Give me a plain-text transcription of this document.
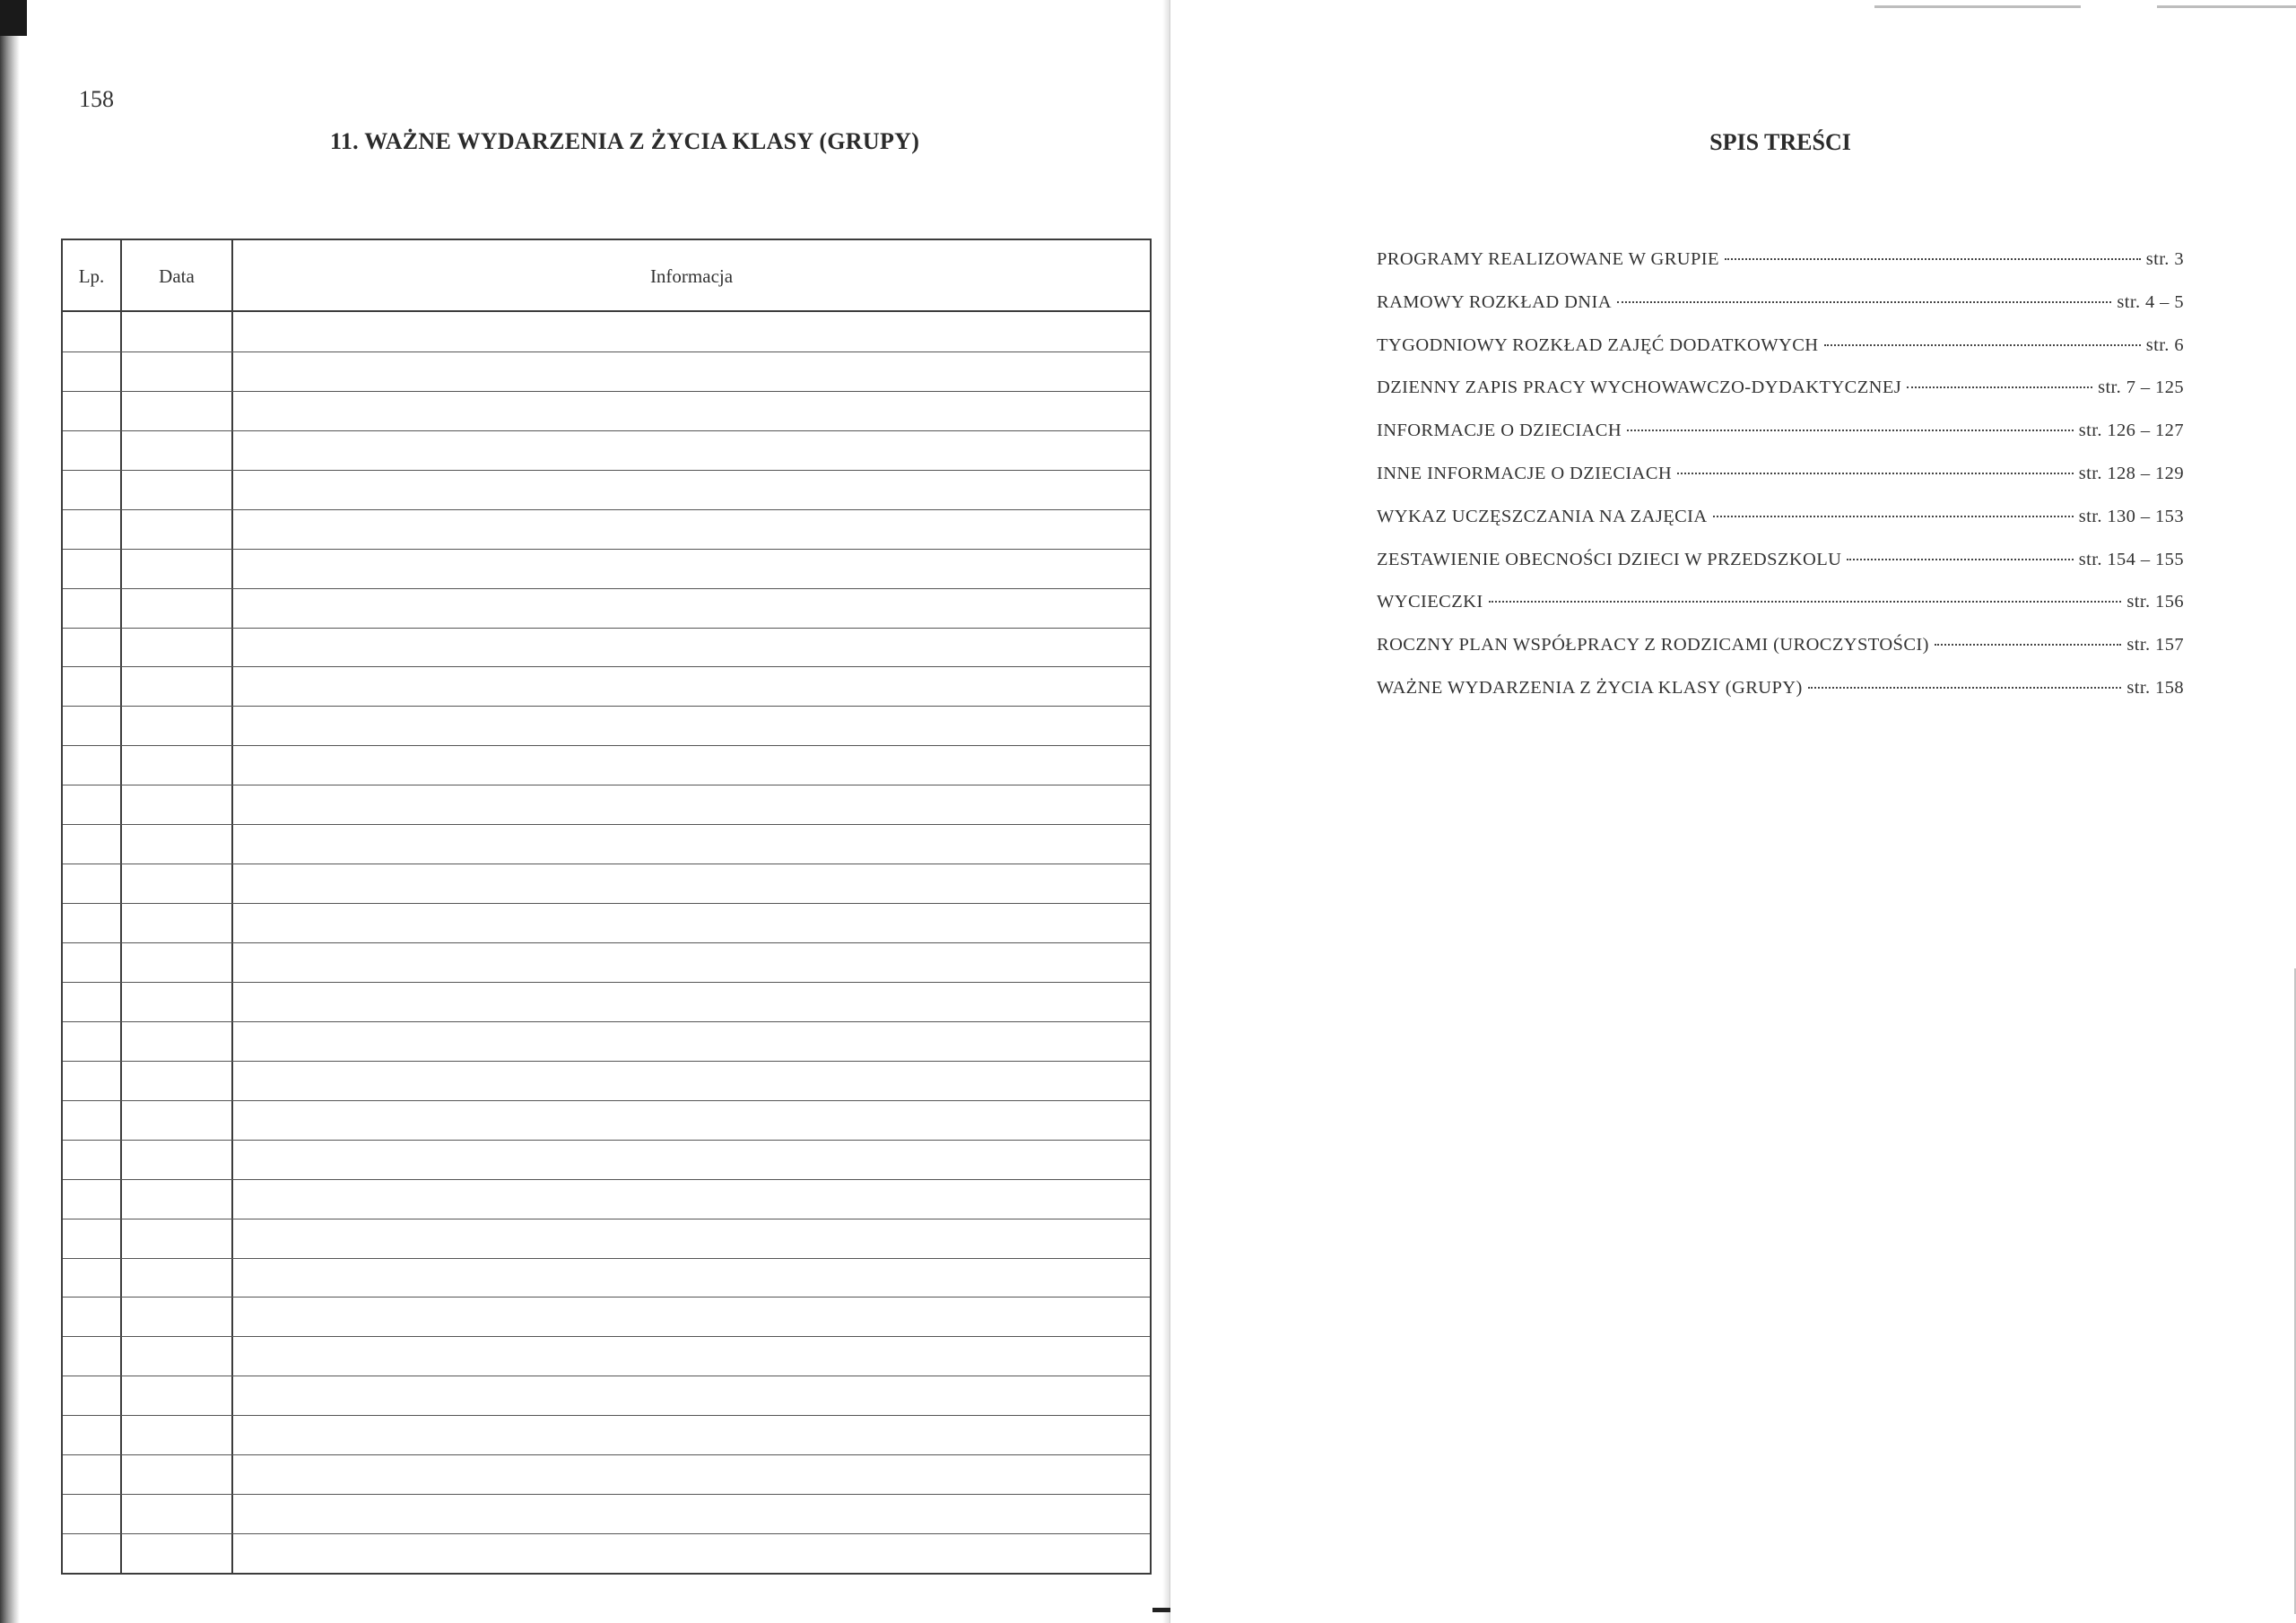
158
11. WAŻNE WYDARZENIA Z ŻYCIA KLASY (GRUPY)
Lp.	Data	Informacja
SPIS TREŚCI
PROGRAMY REALIZOWANE W GRUPIE	str. 3
RAMOWY ROZKŁAD DNIA	str. 4 – 5
TYGODNIOWY ROZKŁAD ZAJĘĆ DODATKOWYCH	str. 6
DZIENNY ZAPIS PRACY WYCHOWAWCZO-DYDAKTYCZNEJ	str. 7 – 125
INFORMACJE O DZIECIACH	str. 126 – 127
INNE INFORMACJE O DZIECIACH	str. 128 – 129
WYKAZ UCZĘSZCZANIA NA ZAJĘCIA	str. 130 – 153
ZESTAWIENIE OBECNOŚCI DZIECI W PRZEDSZKOLU	str. 154 – 155
WYCIECZKI	str. 156
ROCZNY PLAN WSPÓŁPRACY Z RODZICAMI (UROCZYSTOŚCI)	str. 157
WAŻNE WYDARZENIA Z ŻYCIA KLASY (GRUPY)	str. 158
